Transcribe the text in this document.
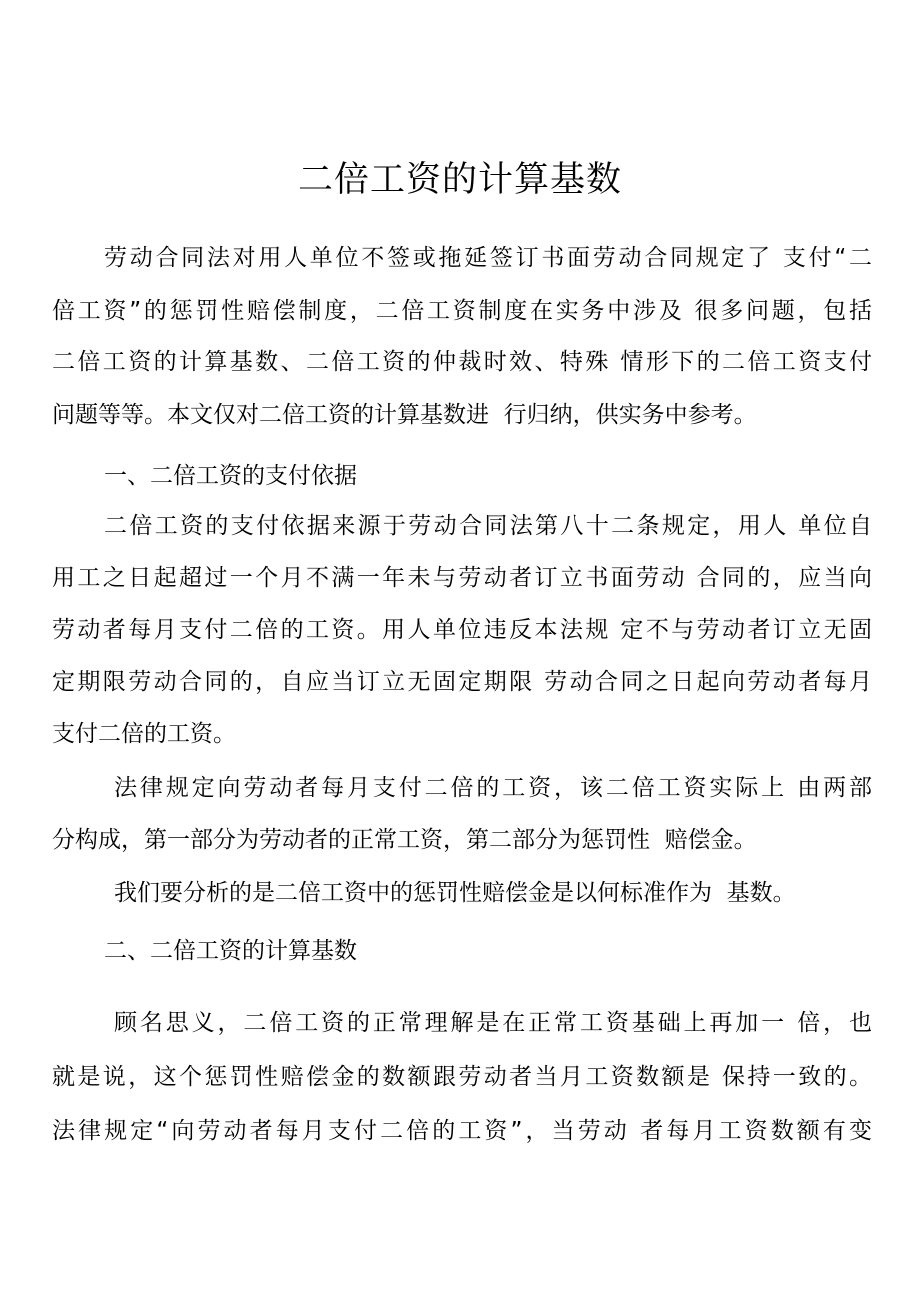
二倍工资的计算基数

劳动合同法对用人单位不签或拖延签订书面劳动合同规定了 支付“二

倍工资”的惩罚性赔偿制度，二倍工资制度在实务中涉及 很多问题，包括

二倍工资的计算基数、二倍工资的仲裁时效、特殊 情形下的二倍工资支付

问题等等。本文仅对二倍工资的计算基数进  行归纳，供实务中参考。

一、二倍工资的支付依据

二倍工资的支付依据来源于劳动合同法第八十二条规定，用人 单位自

用工之日起超过一个月不满一年未与劳动者订立书面劳动 合同的，应当向

劳动者每月支付二倍的工资。用人单位违反本法规 定不与劳动者订立无固

定期限劳动合同的，自应当订立无固定期限 劳动合同之日起向劳动者每月

支付二倍的工资。

法律规定向劳动者每月支付二倍的工资，该二倍工资实际上 由两部

分构成，第一部分为劳动者的正常工资，第二部分为惩罚性  赔偿金。

我们要分析的是二倍工资中的惩罚性赔偿金是以何标准作为  基数。

二、二倍工资的计算基数

顾名思义，二倍工资的正常理解是在正常工资基础上再加一 倍，也

就是说，这个惩罚性赔偿金的数额跟劳动者当月工资数额是 保持一致的。

法律规定“向劳动者每月支付二倍的工资”，当劳动 者每月工资数额有变
